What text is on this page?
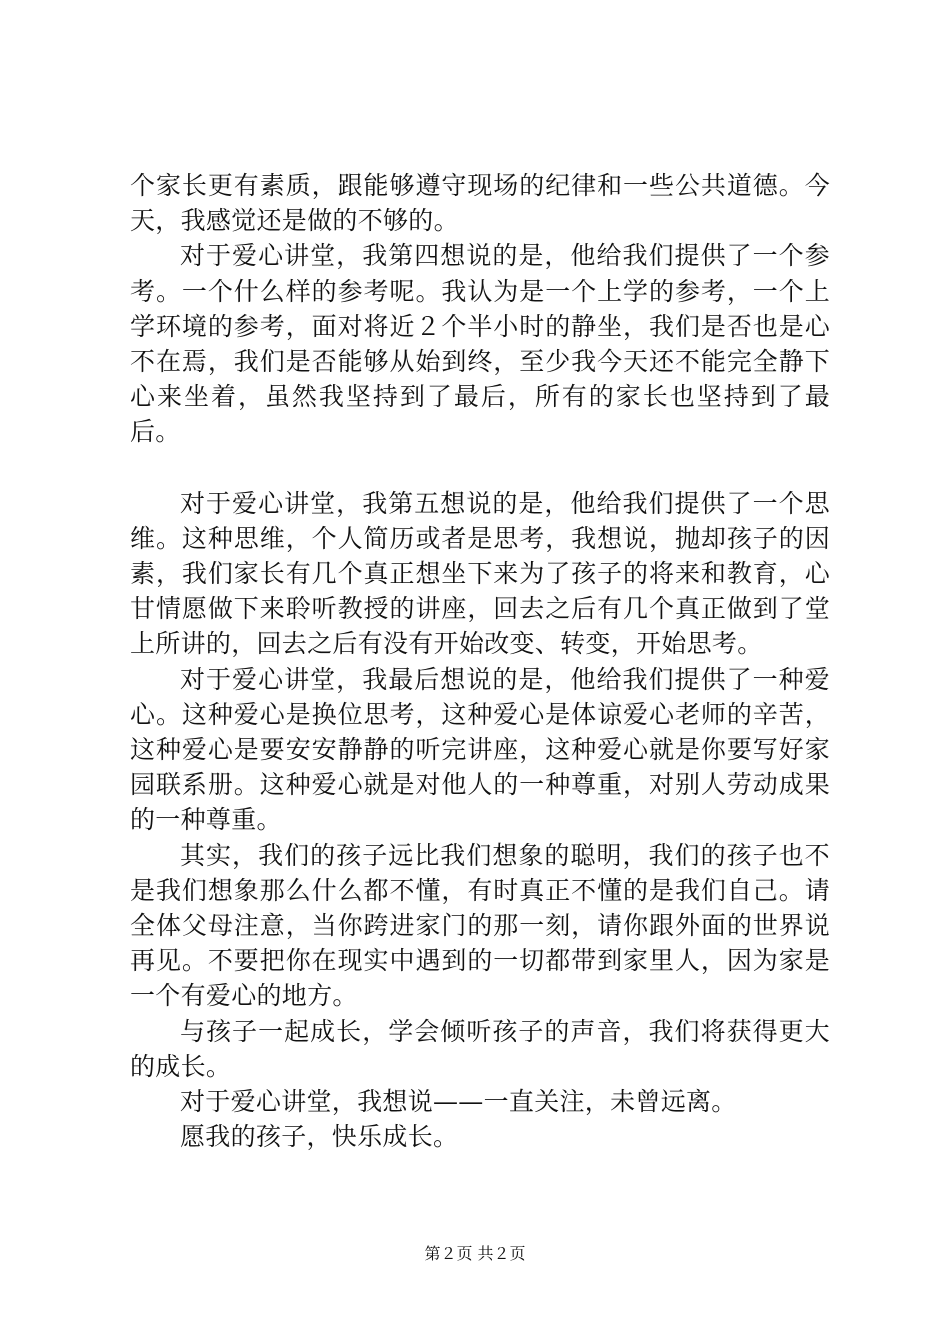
个家长更有素质，跟能够遵守现场的纪律和一些公共道德。今天，我感觉还是做的不够的。

对于爱心讲堂，我第四想说的是，他给我们提供了一个参考。一个什么样的参考呢。我认为是一个上学的参考，一个上学环境的参考，面对将近２个半小时的静坐，我们是否也是心不在焉，我们是否能够从始到终，至少我今天还不能完全静下心来坐着，虽然我坚持到了最后，所有的家长也坚持到了最后。

对于爱心讲堂，我第五想说的是，他给我们提供了一个思维。这种思维，个人简历或者是思考，我想说，抛却孩子的因素，我们家长有几个真正想坐下来为了孩子的将来和教育，心甘情愿做下来聆听教授的讲座，回去之后有几个真正做到了堂上所讲的，回去之后有没有开始改变、转变，开始思考。

对于爱心讲堂，我最后想说的是，他给我们提供了一种爱心。这种爱心是换位思考，这种爱心是体谅爱心老师的辛苦，这种爱心是要安安静静的听完讲座，这种爱心就是你要写好家园联系册。这种爱心就是对他人的一种尊重，对别人劳动成果的一种尊重。

其实，我们的孩子远比我们想象的聪明，我们的孩子也不是我们想象那么什么都不懂，有时真正不懂的是我们自己。请全体父母注意，当你跨进家门的那一刻，请你跟外面的世界说再见。不要把你在现实中遇到的一切都带到家里人，因为家是一个有爱心的地方。

与孩子一起成长，学会倾听孩子的声音，我们将获得更大的成长。

对于爱心讲堂，我想说——一直关注，未曾远离。

愿我的孩子，快乐成长。

第２页 共２页
